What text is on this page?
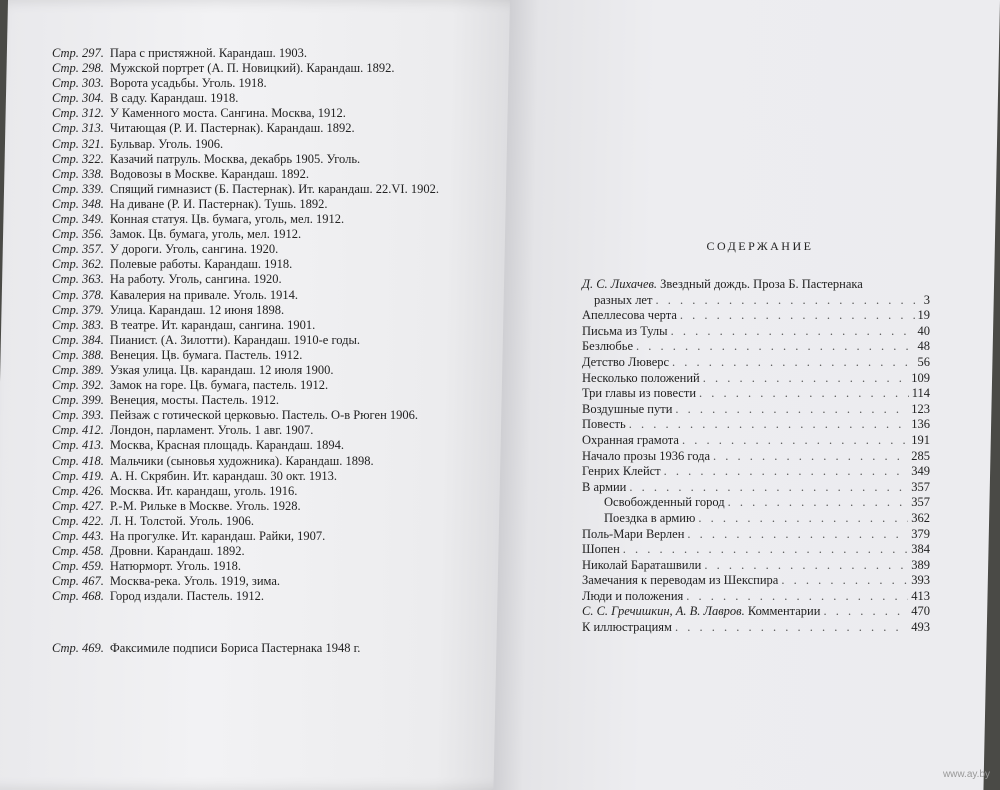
Стр. 297. Пара с пристяжной. Карандаш. 1903.
Стр. 298. Мужской портрет (А. П. Новицкий). Карандаш. 1892.
Стр. 303. Ворота усадьбы. Уголь. 1918.
Стр. 304. В саду. Карандаш. 1918.
Стр. 312. У Каменного моста. Сангина. Москва, 1912.
Стр. 313. Читающая (Р. И. Пастернак). Карандаш. 1892.
Стр. 321. Бульвар. Уголь. 1906.
Стр. 322. Казачий патруль. Москва, декабрь 1905. Уголь.
Стр. 338. Водовозы в Москве. Карандаш. 1892.
Стр. 339. Спящий гимназист (Б. Пастернак). Ит. карандаш. 22.VI. 1902.
Стр. 348. На диване (Р. И. Пастернак). Тушь. 1892.
Стр. 349. Конная статуя. Цв. бумага, уголь, мел. 1912.
Стр. 356. Замок. Цв. бумага, уголь, мел. 1912.
Стр. 357. У дороги. Уголь, сангина. 1920.
Стр. 362. Полевые работы. Карандаш. 1918.
Стр. 363. На работу. Уголь, сангина. 1920.
Стр. 378. Кавалерия на привале. Уголь. 1914.
Стр. 379. Улица. Карандаш. 12 июня 1898.
Стр. 383. В театре. Ит. карандаш, сангина. 1901.
Стр. 384. Пианист. (А. Зилотти). Карандаш. 1910-е годы.
Стр. 388. Венеция. Цв. бумага. Пастель. 1912.
Стр. 389. Узкая улица. Цв. карандаш. 12 июля 1900.
Стр. 392. Замок на горе. Цв. бумага, пастель. 1912.
Стр. 399. Венеция, мосты. Пастель. 1912.
Стр. 393. Пейзаж с готической церковью. Пастель. О-в Рюген 1906.
Стр. 412. Лондон, парламент. Уголь. 1 авг. 1907.
Стр. 413. Москва, Красная площадь. Карандаш. 1894.
Стр. 418. Мальчики (сыновья художника). Карандаш. 1898.
Стр. 419. А. Н. Скрябин. Ит. карандаш. 30 окт. 1913.
Стр. 426. Москва. Ит. карандаш, уголь. 1916.
Стр. 427. Р.-М. Рильке в Москве. Уголь. 1928.
Стр. 422. Л. Н. Толстой. Уголь. 1906.
Стр. 443. На прогулке. Ит. карандаш. Райки, 1907.
Стр. 458. Дровни. Карандаш. 1892.
Стр. 459. Натюрморт. Уголь. 1918.
Стр. 467. Москва-река. Уголь. 1919, зима.
Стр. 468. Город издали. Пастель. 1912.
Стр. 469. Факсимиле подписи Бориса Пастернака 1948 г.
СОДЕРЖАНИЕ
Д. С. Лихачев. Звездный дождь. Проза Б. Пастернака
разных лет . . .	3
Апеллесова черта . . .	19
Письма из Тулы . . .	40
Безлюбье . . .	48
Детство Люверс . . .	56
Несколько положений . . .	109
Три главы из повести . . .	114
Воздушные пути . . .	123
Повесть . . .	136
Охранная грамота . . .	191
Начало прозы 1936 года . . .	285
Генрих Клейст . . .	349
В армии . . .	357
Освобожденный город . . .	357
Поездка в армию . . .	362
Поль-Мари Верлен . . .	379
Шопен . . .	384
Николай Бараташвили . . .	389
Замечания к переводам из Шекспира . . .	393
Люди и положения . . .	413
С. С. Гречишкин, А. В. Лавров. Комментарии . . .	470
К иллюстрациям . . .	493
www.ay.by
